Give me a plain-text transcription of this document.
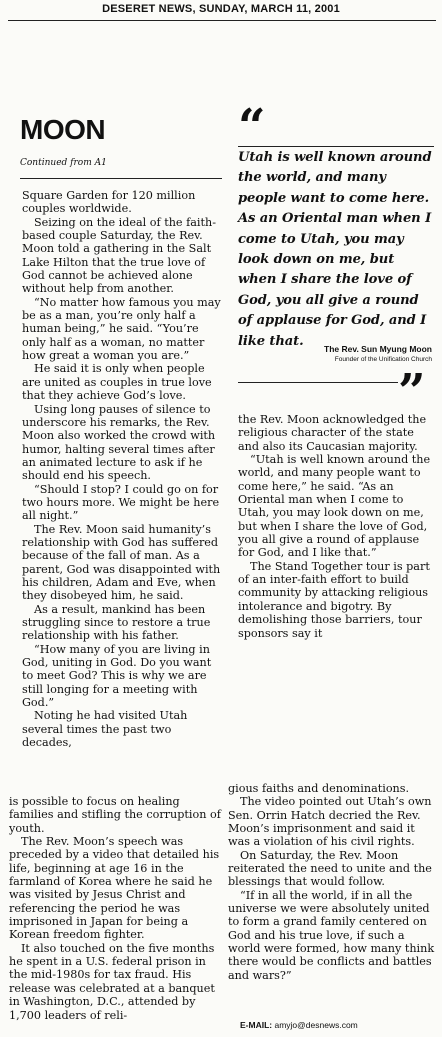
DESERET NEWS, SUNDAY, MARCH 11, 2001
MOON
Continued from A1

Square Garden for 120 million couples worldwide.

Seizing on the ideal of the faith-based couple Saturday, the Rev. Moon told a gathering in the Salt Lake Hilton that the true love of God cannot be achieved alone without help from another.

“No matter how famous you may be as a man, you’re only half a human being,” he said. “You’re only half as a woman, no matter how great a woman you are.”

He said it is only when people are united as couples in true love that they achieve God’s love.

Using long pauses of silence to underscore his remarks, the Rev. Moon also worked the crowd with humor, halting several times after an animated lecture to ask if he should end his speech.

“Should I stop? I could go on for two hours more. We might be here all night.”

The Rev. Moon said humanity’s relationship with God has suffered because of the fall of man. As a parent, God was disappointed with his children, Adam and Eve, when they disobeyed him, he said.

As a result, mankind has been struggling since to restore a true relationship with his father.

“How many of you are living in God, uniting in God. Do you want to meet God? This is why we are still longing for a meeting with God.”

Noting he had visited Utah several times the past two decades,

“
Utah is well known around the world, and many people want to come here. As an Oriental man when I come to Utah, you may look down on me, but when I share the love of God, you all give a round of applause for God, and I like that.
The Rev. Sun Myung Moon
Founder of the Unification Church
”

the Rev. Moon acknowledged the religious character of the state and also its Caucasian majority.

“Utah is well known around the world, and many people want to come here,” he said. “As an Oriental man when I come to Utah, you may look down on me, but when I share the love of God, you all give a round of applause for God, and I like that.”

The Stand Together tour is part of an inter-faith effort to build community by attacking religious intolerance and bigotry. By demolishing those barriers, tour sponsors say it

is possible to focus on healing families and stifling the corruption of youth.

The Rev. Moon’s speech was preceded by a video that detailed his life, beginning at age 16 in the farmland of Korea where he said he was visited by Jesus Christ and referencing the period he was imprisoned in Japan for being a Korean freedom fighter.

It also touched on the five months he spent in a U.S. federal prison in the mid-1980s for tax fraud. His release was celebrated at a banquet in Washington, D.C., attended by 1,700 leaders of reli-

gious faiths and denominations.

The video pointed out Utah’s own Sen. Orrin Hatch decried the Rev. Moon’s imprisonment and said it was a violation of his civil rights.

On Saturday, the Rev. Moon reiterated the need to unite and the blessings that would follow.

“If in all the world, if in all the universe we were absolutely united to form a grand family centered on God and his true love, if such a world were formed, how many think there would be conflicts and battles and wars?”

E-MAIL: amyjo@desnews.com
